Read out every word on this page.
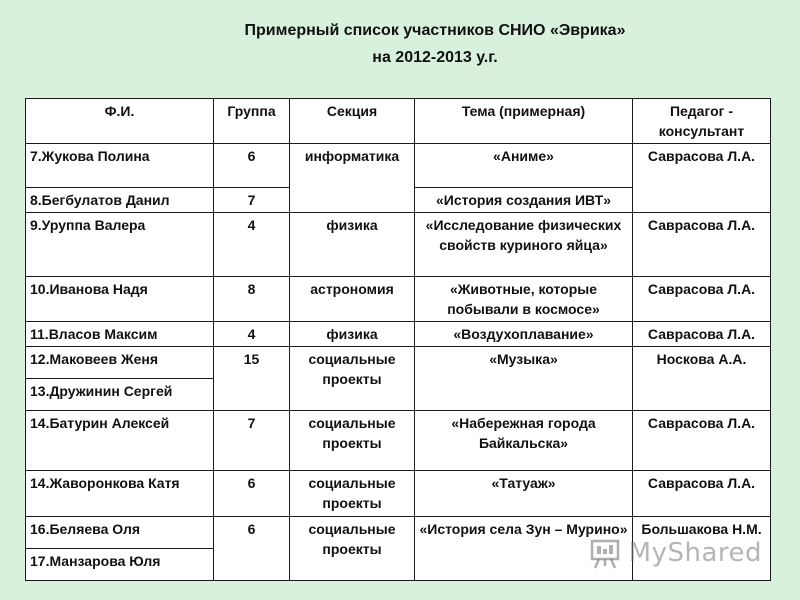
Примерный список участников СНИО «Эврика»
на 2012-2013 у.г.
Ф.И.	Группа	Секция	Тема (примерная)	Педагог - консультант
7.Жукова Полина	6	информатика	«Аниме»	Саврасова Л.А.
8.Бегбулатов Данил	7		«История создания ИВТ»	
9.Уруппа Валера	4	физика	«Исследование физических свойств куриного яйца»	Саврасова Л.А.
10.Иванова Надя	8	астрономия	«Животные, которые побывали в космосе»	Саврасова Л.А.
11.Власов Максим	4	физика	«Воздухоплавание»	Саврасова Л.А.
12.Маковеев Женя	15	социальные проекты	«Музыка»	Носкова А.А.
13.Дружинин Сергей				
14.Батурин Алексей	7	социальные проекты	«Набережная города Байкальска»	Саврасова Л.А.
14.Жаворонкова Катя	6	социальные проекты	«Татуаж»	Саврасова Л.А.
16.Беляева Оля	6	социальные проекты	«История села Зун – Мурино»	Большакова Н.М.
17.Манзарова Юля					MyShared
